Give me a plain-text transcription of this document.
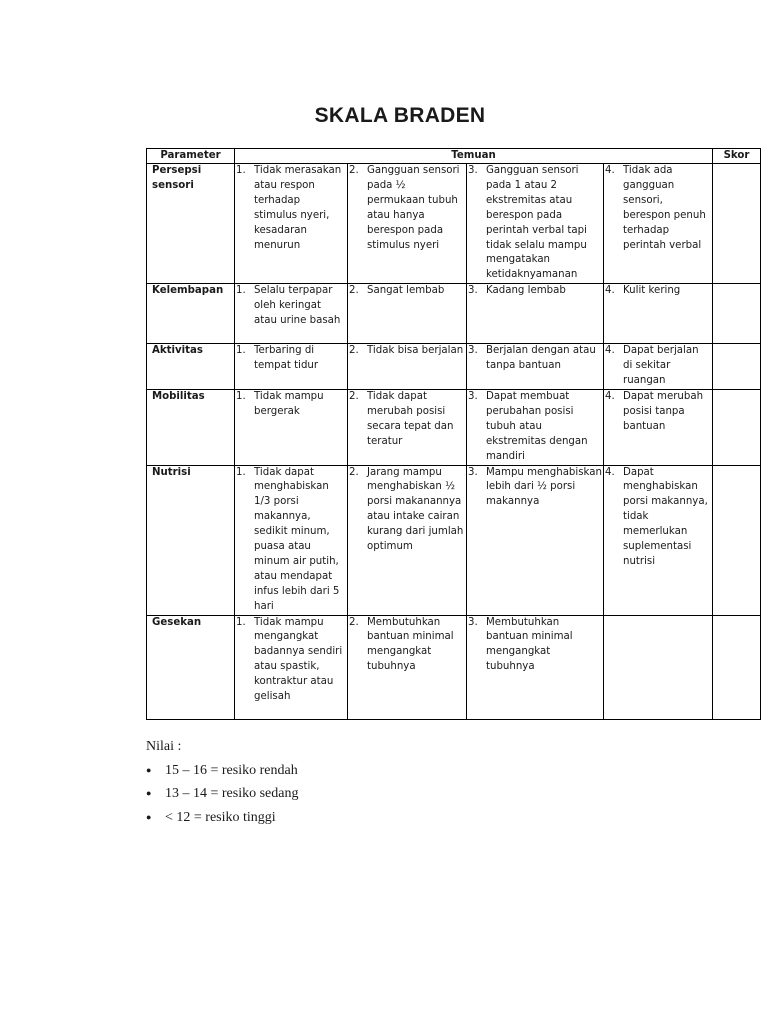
SKALA BRADEN
Parameter	Temuan				Skor
Persepsi sensori	1. Tidak merasakan atau respon terhadap stimulus nyeri, kesadaran menurun	2. Gangguan sensori pada ½ permukaan tubuh atau hanya berespon pada stimulus nyeri	3. Gangguan sensori pada 1 atau 2 ekstremitas atau berespon pada perintah verbal tapi tidak selalu mampu mengatakan ketidaknyamanan	4. Tidak ada gangguan sensori, berespon penuh terhadap perintah verbal	

Kelembapan	1. Selalu terpapar oleh keringat atau urine basah	2. Sangat lembab	3. Kadang lembab	4. Kulit kering	

Aktivitas	1. Terbaring di tempat tidur	2. Tidak bisa berjalan	3. Berjalan dengan atau tanpa bantuan	4. Dapat berjalan di sekitar ruangan	

Mobilitas	1. Tidak mampu bergerak	2. Tidak dapat merubah posisi secara tepat dan teratur	3. Dapat membuat perubahan posisi tubuh atau ekstremitas dengan mandiri	4. Dapat merubah posisi tanpa bantuan	

Nutrisi	1. Tidak dapat menghabiskan 1/3 porsi makannya, sedikit minum, puasa atau minum air putih, atau mendapat infus lebih dari 5 hari	2. Jarang mampu menghabiskan ½ porsi makanannya atau intake cairan kurang dari jumlah optimum	3. Mampu menghabiskan lebih dari ½ porsi makannya	4. Dapat menghabiskan porsi makannya, tidak memerlukan suplementasi nutrisi	

Gesekan	1. Tidak mampu mengangkat badannya sendiri atau spastik, kontraktur atau gelisah	2. Membutuhkan bantuan minimal mengangkat tubuhnya	3. Membutuhkan bantuan minimal mengangkat tubuhnya		

Nilai :
● 15 – 16 = resiko rendah
● 13 – 14 = resiko sedang
● < 12 = resiko tinggi
